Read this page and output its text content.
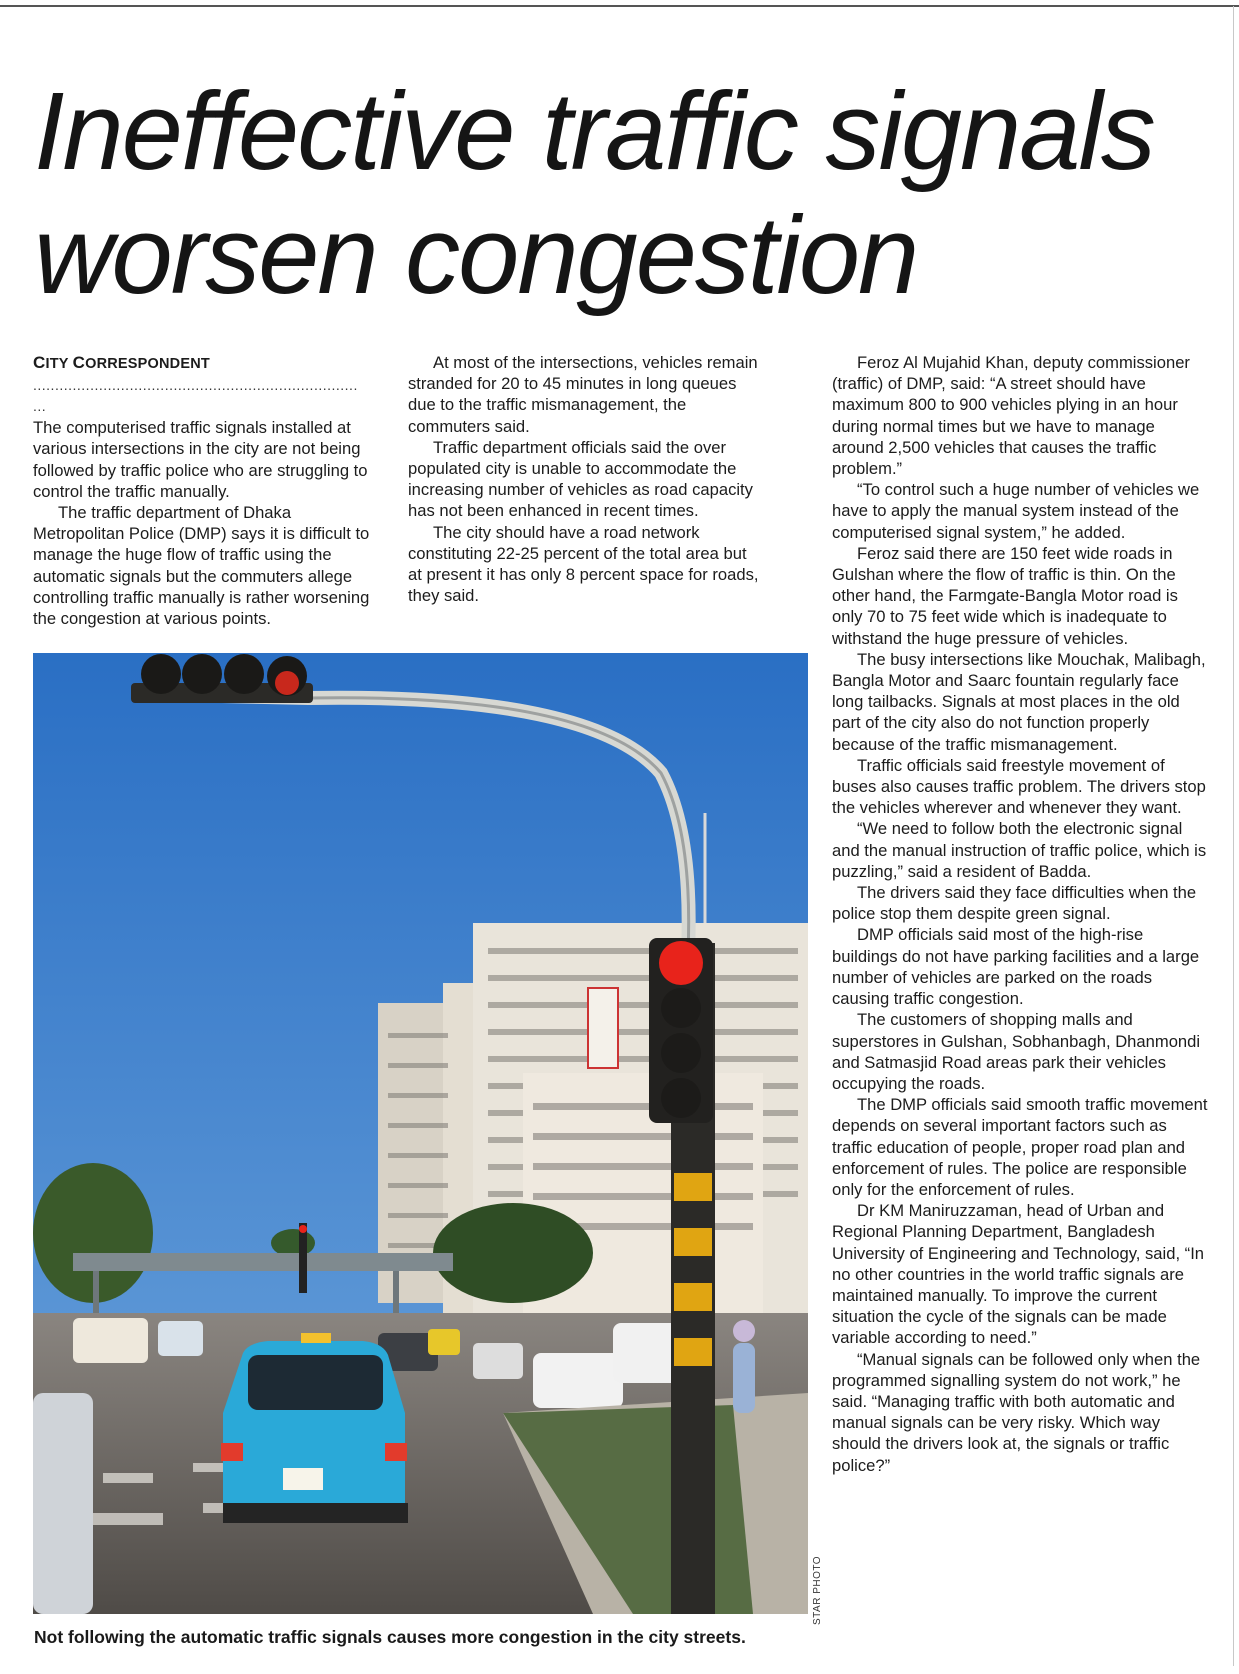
Ineffective traffic signals worsen congestion
CITY CORRESPONDENT
..........................................................................
...

The computerised traffic signals installed at various intersections in the city are not being followed by traffic police who are struggling to control the traffic manually.

The traffic department of Dhaka Metropolitan Police (DMP) says it is difficult to manage the huge flow of traffic using the automatic signals but the commuters allege controlling traffic manually is rather worsening the congestion at various points.

At most of the intersections, vehicles remain stranded for 20 to 45 minutes in long queues due to the traffic mismanagement, the commuters said.

Traffic department officials said the over populated city is unable to accommodate the increasing number of vehicles as road capacity has not been enhanced in recent times.

The city should have a road network constituting 22-25 percent of the total area but at present it has only 8 percent space for roads, they said.

Feroz Al Mujahid Khan, deputy commissioner (traffic) of DMP, said: “A street should have maximum 800 to 900 vehicles plying in an hour during normal times but we have to manage around 2,500 vehicles that causes the traffic problem.”

“To control such a huge number of vehicles we have to apply the manual system instead of the computerised signal system,” he added.

Feroz said there are 150 feet wide roads in Gulshan where the flow of traffic is thin. On the other hand, the Farmgate-Bangla Motor road is only 70 to 75 feet wide which is inadequate to withstand the huge pressure of vehicles.

The busy intersections like Mouchak, Malibagh, Bangla Motor and Saarc fountain regularly face long tailbacks. Signals at most places in the old part of the city also do not function properly because of the traffic mismanagement.

Traffic officials said freestyle movement of buses also causes traffic problem. The drivers stop the vehicles wherever and whenever they want.

“We need to follow both the electronic signal and the manual instruction of traffic police, which is puzzling,” said a resident of Badda.

The drivers said they face difficulties when the police stop them despite green signal.

DMP officials said most of the high-rise buildings do not have parking facilities and a large number of vehicles are parked on the roads causing traffic congestion.

The customers of shopping malls and superstores in Gulshan, Sobhanbagh, Dhanmondi and Satmasjid Road areas park their vehicles occupying the roads.

The DMP officials said smooth traffic movement depends on several important factors such as traffic education of people, proper road plan and enforcement of rules. The police are responsible only for the enforcement of rules.

Dr KM Maniruzzaman, head of Urban and Regional Planning Department, Bangladesh University of Engineering and Technology, said, “In no other countries in the world traffic signals are maintained manually. To improve the current situation the cycle of the signals can be made variable according to need.”

“Manual signals can be followed only when the programmed signalling system do not work,” he said. “Managing traffic with both automatic and manual signals can be very risky. Which way should the drivers look at, the signals or traffic police?”

STAR PHOTO
Not following the automatic traffic signals causes more congestion in the city streets.
